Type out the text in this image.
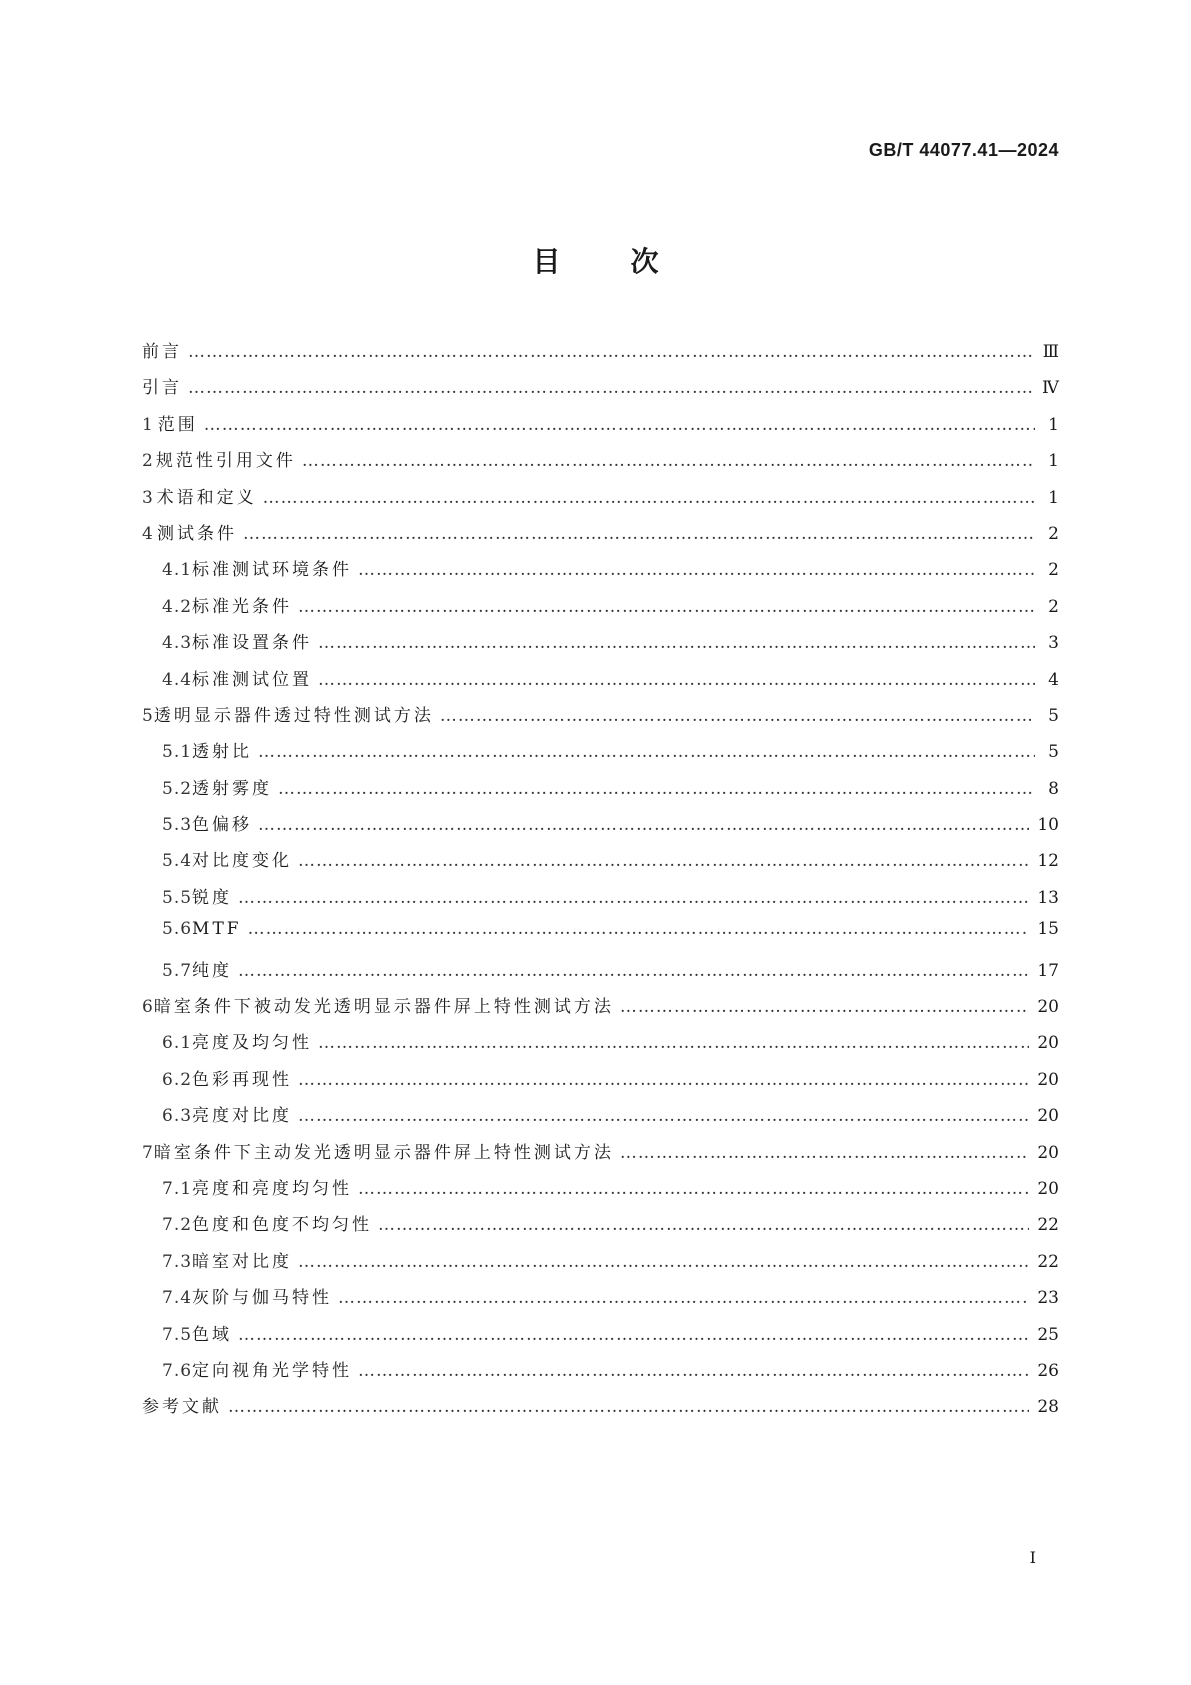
GB/T 44077.41—2024
目次
前言 …………………………………………………………………………………………………………………………………………………………………………………………………………………………………………	Ⅲ
引言 …………………………………………………………………………………………………………………………………………………………………………………………………………………………………………	Ⅳ
1 范围 …………………………………………………………………………………………………………………………………………………………………………………………………………………………………………	1
2 规范性引用文件 …………………………………………………………………………………………………………………………………………………………………………………………………………………………………………	1
3 术语和定义 …………………………………………………………………………………………………………………………………………………………………………………………………………………………………………	1
4 测试条件 …………………………………………………………………………………………………………………………………………………………………………………………………………………………………………	2
4.1 标准测试环境条件 …………………………………………………………………………………………………………………………………………………………………………………………………………………………………………	2
4.2 标准光条件 …………………………………………………………………………………………………………………………………………………………………………………………………………………………………………	2
4.3 标准设置条件 …………………………………………………………………………………………………………………………………………………………………………………………………………………………………………	3
4.4 标准测试位置 …………………………………………………………………………………………………………………………………………………………………………………………………………………………………………	4
5 透明显示器件透过特性测试方法 …………………………………………………………………………………………………………………………………………………………………………………………………………………………………………	5
5.1 透射比 …………………………………………………………………………………………………………………………………………………………………………………………………………………………………………	5
5.2 透射雾度 …………………………………………………………………………………………………………………………………………………………………………………………………………………………………………	8
5.3 色偏移 …………………………………………………………………………………………………………………………………………………………………………………………………………………………………………	10
5.4 对比度变化 …………………………………………………………………………………………………………………………………………………………………………………………………………………………………………	12
5.5 锐度 …………………………………………………………………………………………………………………………………………………………………………………………………………………………………………	13
5.6 MTF …………………………………………………………………………………………………………………………………………………………………………………………………………………………………………	15
5.7 纯度 …………………………………………………………………………………………………………………………………………………………………………………………………………………………………………	17
6 暗室条件下被动发光透明显示器件屏上特性测试方法 …………………………………………………………………………………………………………………………………………………………………………………………………………………………………………	20
6.1 亮度及均匀性 …………………………………………………………………………………………………………………………………………………………………………………………………………………………………………	20
6.2 色彩再现性 …………………………………………………………………………………………………………………………………………………………………………………………………………………………………………	20
6.3 亮度对比度 …………………………………………………………………………………………………………………………………………………………………………………………………………………………………………	20
7 暗室条件下主动发光透明显示器件屏上特性测试方法 …………………………………………………………………………………………………………………………………………………………………………………………………………………………………………	20
7.1 亮度和亮度均匀性 …………………………………………………………………………………………………………………………………………………………………………………………………………………………………………	20
7.2 色度和色度不均匀性 …………………………………………………………………………………………………………………………………………………………………………………………………………………………………………	22
7.3 暗室对比度 …………………………………………………………………………………………………………………………………………………………………………………………………………………………………………	22
7.4 灰阶与伽马特性 …………………………………………………………………………………………………………………………………………………………………………………………………………………………………………	23
7.5 色域 …………………………………………………………………………………………………………………………………………………………………………………………………………………………………………	25
7.6 定向视角光学特性 …………………………………………………………………………………………………………………………………………………………………………………………………………………………………………	26
参考文献 …………………………………………………………………………………………………………………………………………………………………………………………………………………………………………	28
I
